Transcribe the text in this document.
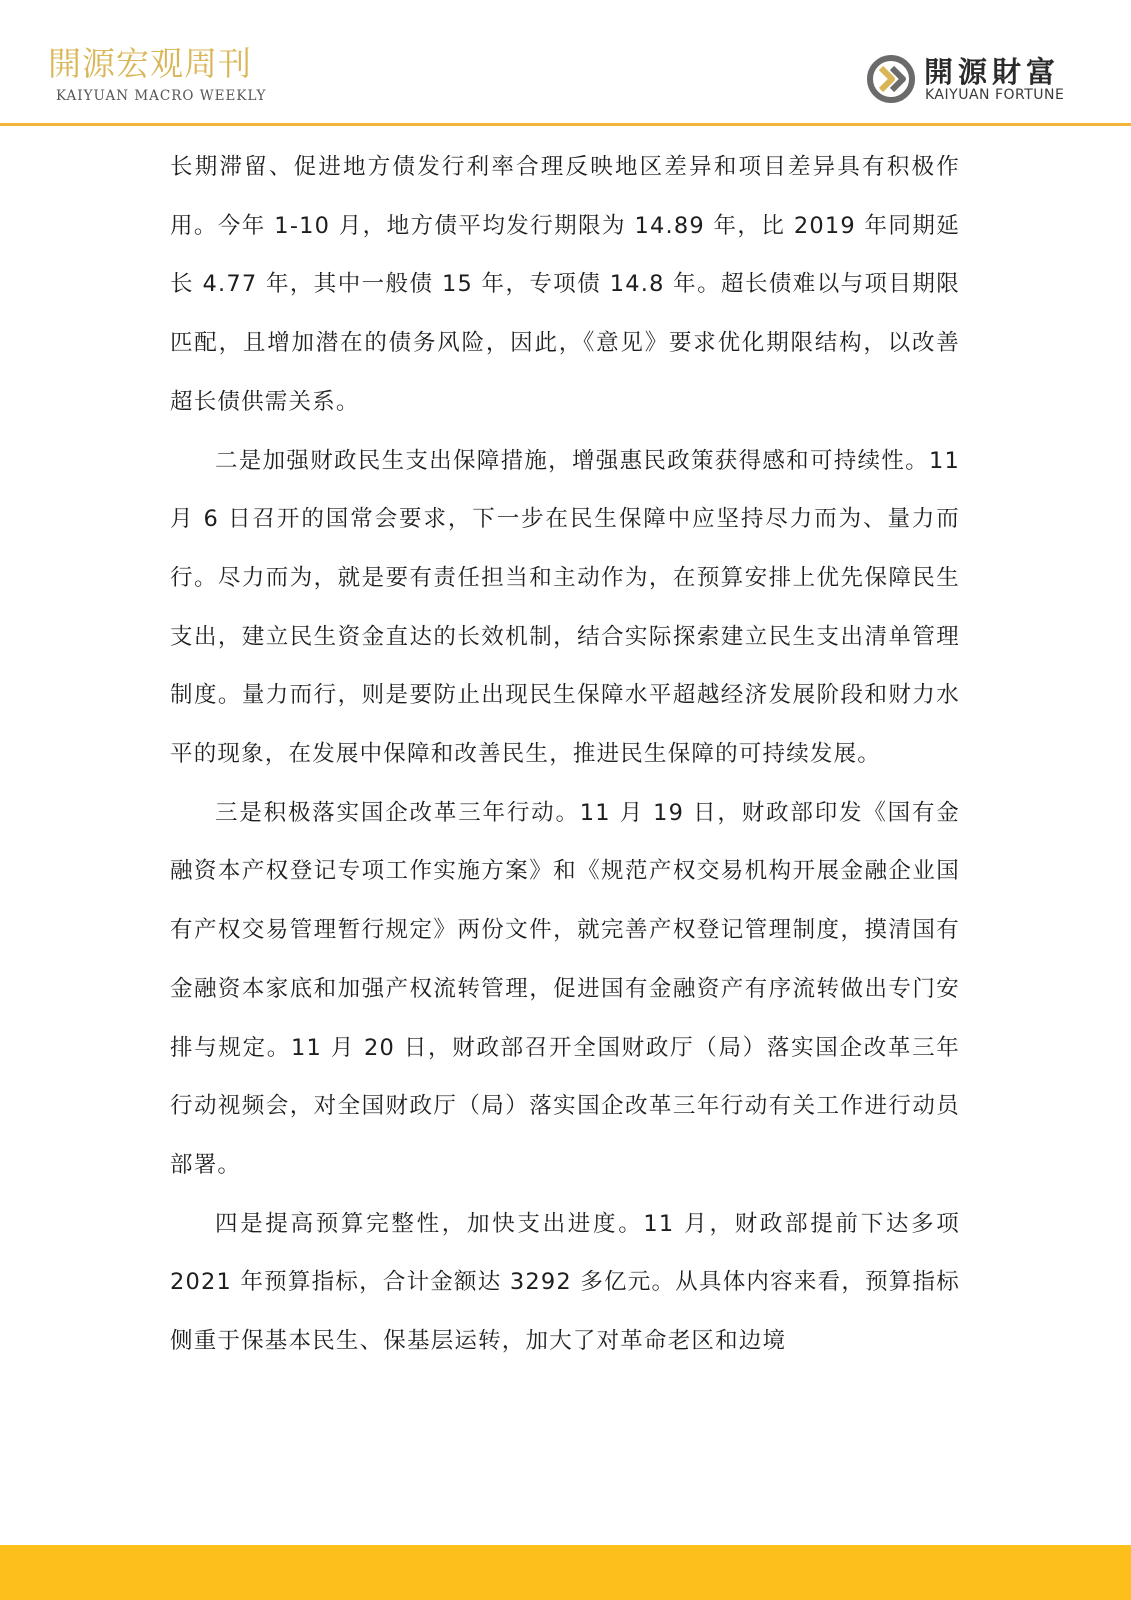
開源宏观周刊
KAIYUAN MACRO WEEKLY
開源財富
KAIYUAN FORTUNE

长期滞留、促进地方债发行利率合理反映地区差异和项目差异具有积极作用。今年 1-10 月，地方债平均发行期限为 14.89 年，比 2019 年同期延长 4.77 年，其中一般债 15 年，专项债 14.8 年。超长债难以与项目期限匹配，且增加潜在的债务风险，因此，《意见》要求优化期限结构，以改善超长债供需关系。

二是加强财政民生支出保障措施，增强惠民政策获得感和可持续性。11 月 6 日召开的国常会要求，下一步在民生保障中应坚持尽力而为、量力而行。尽力而为，就是要有责任担当和主动作为，在预算安排上优先保障民生支出，建立民生资金直达的长效机制，结合实际探索建立民生支出清单管理制度。量力而行，则是要防止出现民生保障水平超越经济发展阶段和财力水平的现象，在发展中保障和改善民生，推进民生保障的可持续发展。

三是积极落实国企改革三年行动。11 月 19 日，财政部印发《国有金融资本产权登记专项工作实施方案》和《规范产权交易机构开展金融企业国有产权交易管理暂行规定》两份文件，就完善产权登记管理制度，摸清国有金融资本家底和加强产权流转管理，促进国有金融资产有序流转做出专门安排与规定。11 月 20 日，财政部召开全国财政厅（局）落实国企改革三年行动视频会，对全国财政厅（局）落实国企改革三年行动有关工作进行动员部署。

四是提高预算完整性，加快支出进度。11 月，财政部提前下达多项 2021 年预算指标，合计金额达 3292 多亿元。从具体内容来看，预算指标侧重于保基本民生、保基层运转，加大了对革命老区和边境
